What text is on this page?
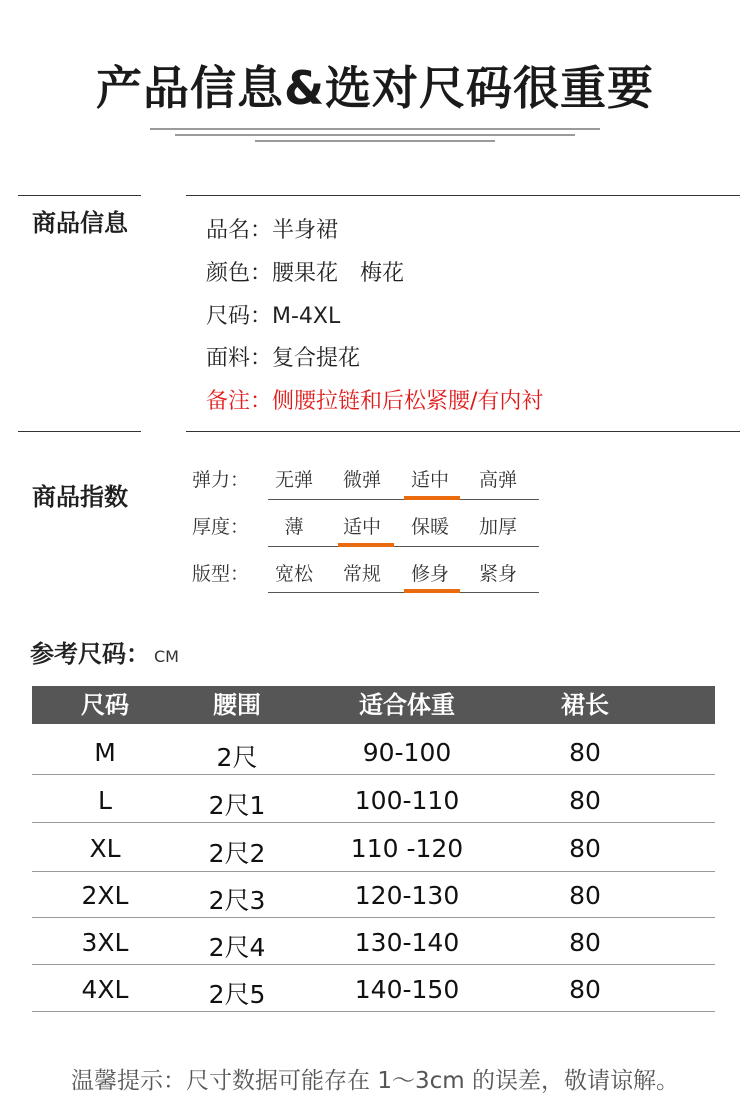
产品信息&选对尺码很重要
商品信息	品名：半身裙
颜色：腰果花　梅花
尺码：M-4XL
面料：复合提花
备注：侧腰拉链和后松紧腰/有内衬
商品指数
弹力：	无弹	微弹	适中	高弹
厚度：	薄	适中	保暖	加厚
版型：	宽松	常规	修身	紧身
参考尺码： CM
尺码	腰围	适合体重	裙长
M	2尺	90-100	80
L	2尺1	100-110	80
XL	2尺2	110 -120	80
2XL	2尺3	120-130	80
3XL	2尺4	130-140	80
4XL	2尺5	140-150	80
温馨提示：尺寸数据可能存在 1～3cm 的误差，敬请谅解。
